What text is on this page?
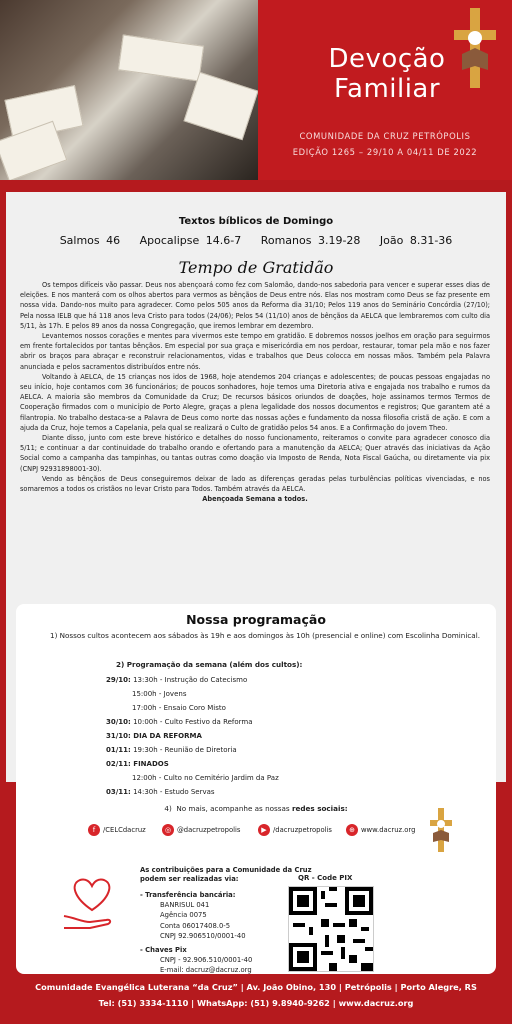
Devoção
Familiar
COMUNIDADE DA CRUZ PETRÓPOLIS
EDIÇÃO 1265 – 29/10 A 04/11 DE 2022
Textos bíblicos de Domingo
Salmos 46   Apocalipse 14.6-7   Romanos 3.19-28   João 8.31-36
Tempo de Gratidão

Os tempos difíceis vão passar. Deus nos abençoará como fez com Salomão, dando-nos sabedoria para vencer e superar esses dias de eleições. E nos manterá com os olhos abertos para vermos as bênçãos de Deus entre nós. Elas nos mostram como Deus se faz presente em nossa vida. Dando-nos muito para agradecer. Como pelos 505 anos da Reforma dia 31/10; Pelos 119 anos do Seminário Concórdia (27/10); Pela nossa IELB que há 118 anos leva Cristo para todos (24/06); Pelos 54 (11/10) anos de bênçãos da AELCA que lembraremos com culto dia 5/11, às 17h. E pelos 89 anos da nossa Congregação, que iremos lembrar em dezembro.

Levantemos nossos corações e mentes para vivermos este tempo em gratidão. E dobremos nossos joelhos em oração para seguirmos em frente fortalecidos por tantas bênçãos. Em especial por sua graça e misericórdia em nos perdoar, restaurar, tomar pela mão e nos fazer abrir os braços para abraçar e reconstruir relacionamentos, vidas e trabalhos que Deus colocca em nossas mãos. Também pela Palavra anunciada e pelos sacramentos distribuídos entre nós.

Voltando à AELCA, de 15 crianças nos idos de 1968, hoje atendemos 204 crianças e adolescentes; de poucas pessoas engajadas no seu início, hoje contamos com 36 funcionários; de poucos sonhadores, hoje temos uma Diretoria ativa e engajada nos trabalho e rumos da AELCA. A maioria são membros da Comunidade da Cruz; De recursos básicos oriundos de doações, hoje assinamos termos Termos de Cooperação firmados com o município de Porto Alegre, graças a plena legalidade dos nossos documentos e registros; Que garantem até a filantropia. No trabalho destaca-se a Palavra de Deus como norte das nossas ações e fundamento da nossa filosofia cristã de ação. E com a ajuda da Cruz, hoje temos a Capelania, pela qual se realizará o Culto de gratidão pelos 54 anos. E a Confirmação do jovem Theo.

Diante disso, junto com este breve histórico e detalhes do nosso funcionamento, reiteramos o convite para agradecer conosco dia 5/11; e continuar a dar continuidade do trabalho orando e ofertando para a manutenção da AELCA; Quer através das iniciativas da Ação Social como a campanha das tampinhas, ou tantas outras como doação via Imposto de Renda, Nota Fiscal Gaúcha, ou diretamente via pix (CNPJ 92931898001-30).

Vendo as bênçãos de Deus conseguiremos deixar de lado as diferenças geradas pelas turbulências políticas vivenciadas, e nos somaremos a todos os cristãos no levar Cristo para Todos. Também através da AELCA.

Abençoada Semana a todos.
Nossa programação
1) Nossos cultos acontecem aos sábados às 19h e aos domingos às 10h (presencial e online) com Escolinha Dominical.
2) Programação da semana (além dos cultos):
29/10: 13:30h - Instrução do Catecismo
15:00h - Jovens
17:00h - Ensaio Coro Misto
30/10: 10:00h - Culto Festivo da Reforma
31/10: DIA DA REFORMA
01/11: 19:30h - Reunião de Diretoria
02/11: FINADOS
12:00h - Culto no Cemitério Jardim da Paz
03/11: 14:30h - Estudo Servas
4)  No mais, acompanhe as nossas redes sociais:
f	/CELCdacruz	◎ @dacruzpetropolis	▶ /dacruzpetropolis	⊕ www.dacruz.org
As contribuições para a Comunidade da Cruz podem ser realizadas via:
- Transferência bancária:
BANRISUL 041
Agência 0075
Conta 06017408.0-5
CNPJ 92.906510/0001-40
- Chaves Pix
CNPJ - 92.906.510/0001-40
E-mail: dacruz@dacruz.org
QR - Code PIX
Comunidade Evangélica Luterana “da Cruz” | Av. João Obino, 130 | Petrópolis | Porto Alegre, RS
Tel: (51) 3334-1110 | WhatsApp: (51) 9.8940-9262 | www.dacruz.org
